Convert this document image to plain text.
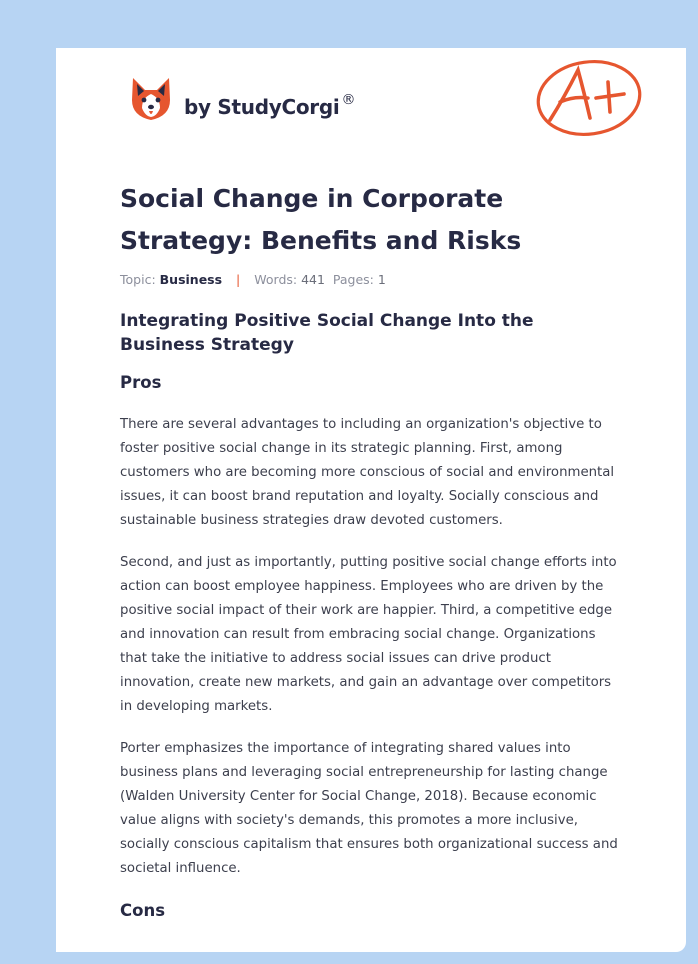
by StudyCorgi ®
Social Change in Corporate Strategy: Benefits and Risks
Topic: Business | Words: 441 Pages: 1
Integrating Positive Social Change Into the Business Strategy
Pros

There are several advantages to including an organization's objective to foster positive social change in its strategic planning. First, among customers who are becoming more conscious of social and environmental issues, it can boost brand reputation and loyalty. Socially conscious and sustainable business strategies draw devoted customers.

Second, and just as importantly, putting positive social change efforts into action can boost employee happiness. Employees who are driven by the positive social impact of their work are happier. Third, a competitive edge and innovation can result from embracing social change. Organizations that take the initiative to address social issues can drive product innovation, create new markets, and gain an advantage over competitors in developing markets.

Porter emphasizes the importance of integrating shared values into business plans and leveraging social entrepreneurship for lasting change (Walden University Center for Social Change, 2018). Because economic value aligns with society's demands, this promotes a more inclusive, socially conscious capitalism that ensures both organizational success and societal influence.

Cons
